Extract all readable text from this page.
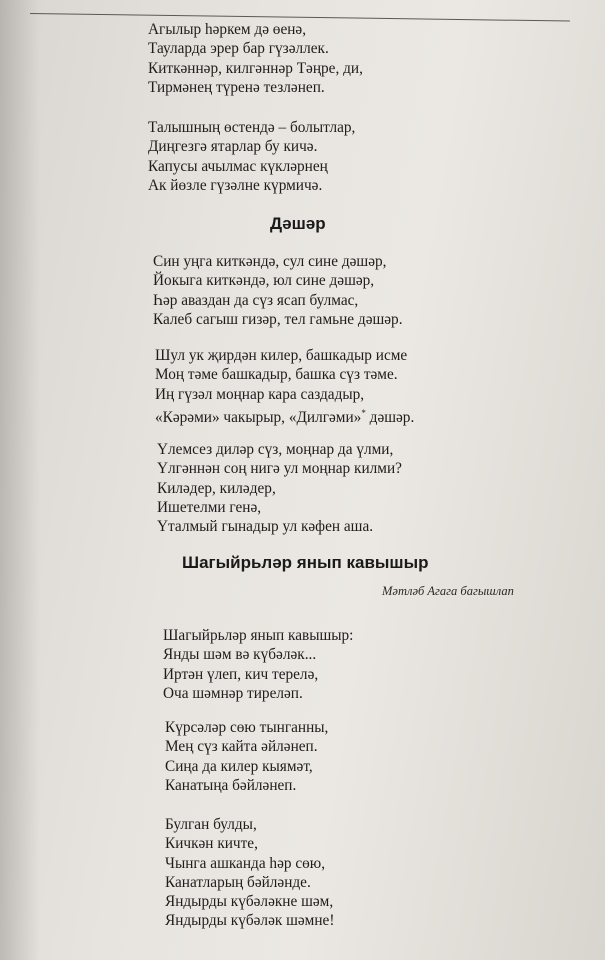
Агылыр һәркем дә өенә,
Тауларда эрер бар гүзәллек.
Киткәннәр, килгәннәр Тәңре, ди,
Тирмәнең түренә тезләнеп.
Талышның өстендә – болытлар,
Диңгезгә ятарлар бу кичә.
Капусы ачылмас күкләрнең
Ак йөзле гүзәлне күрмичә.
Дәшәр
Син уңга киткәндә, сул сине дәшәр,
Йокыга киткәндә, юл сине дәшәр,
Һәр аваздан да сүз ясап булмас,
Калеб сагыш гизәр, тел гамьне дәшәр.
Шул ук җирдән килер, башкадыр исме
Моң тәме башкадыр, башка сүз тәме.
Иң гүзәл моңнар кара саздадыр,
«Кәрәми» чакырыр, «Дилгәми»* дәшәр.
Үлемсез диләр сүз, моңнар да үлми,
Үлгәннән соң нигә ул моңнар килми?
Киләдер, киләдер,
Ишетелми генә,
Үталмый гынадыр ул кәфен аша.
Шагыйрьләр янып кавышыр
Мәтләб Агага багышлап
Шагыйрьләр янып кавышыр:
Янды шәм вә күбәләк...
Иртән үлеп, кич терелә,
Оча шәмнәр тиреләп.
Күрсәләр сөю тынганны,
Мең сүз кайта әйләнеп.
Сиңа да килер кыямәт,
Канатыңа бәйләнеп.
Булган булды,
Кичкән кичте,
Чынга ашканда һәр сөю,
Канатларың бәйләнде.
Яндырды күбәләкне шәм,
Яндырды күбәләк шәмне!
